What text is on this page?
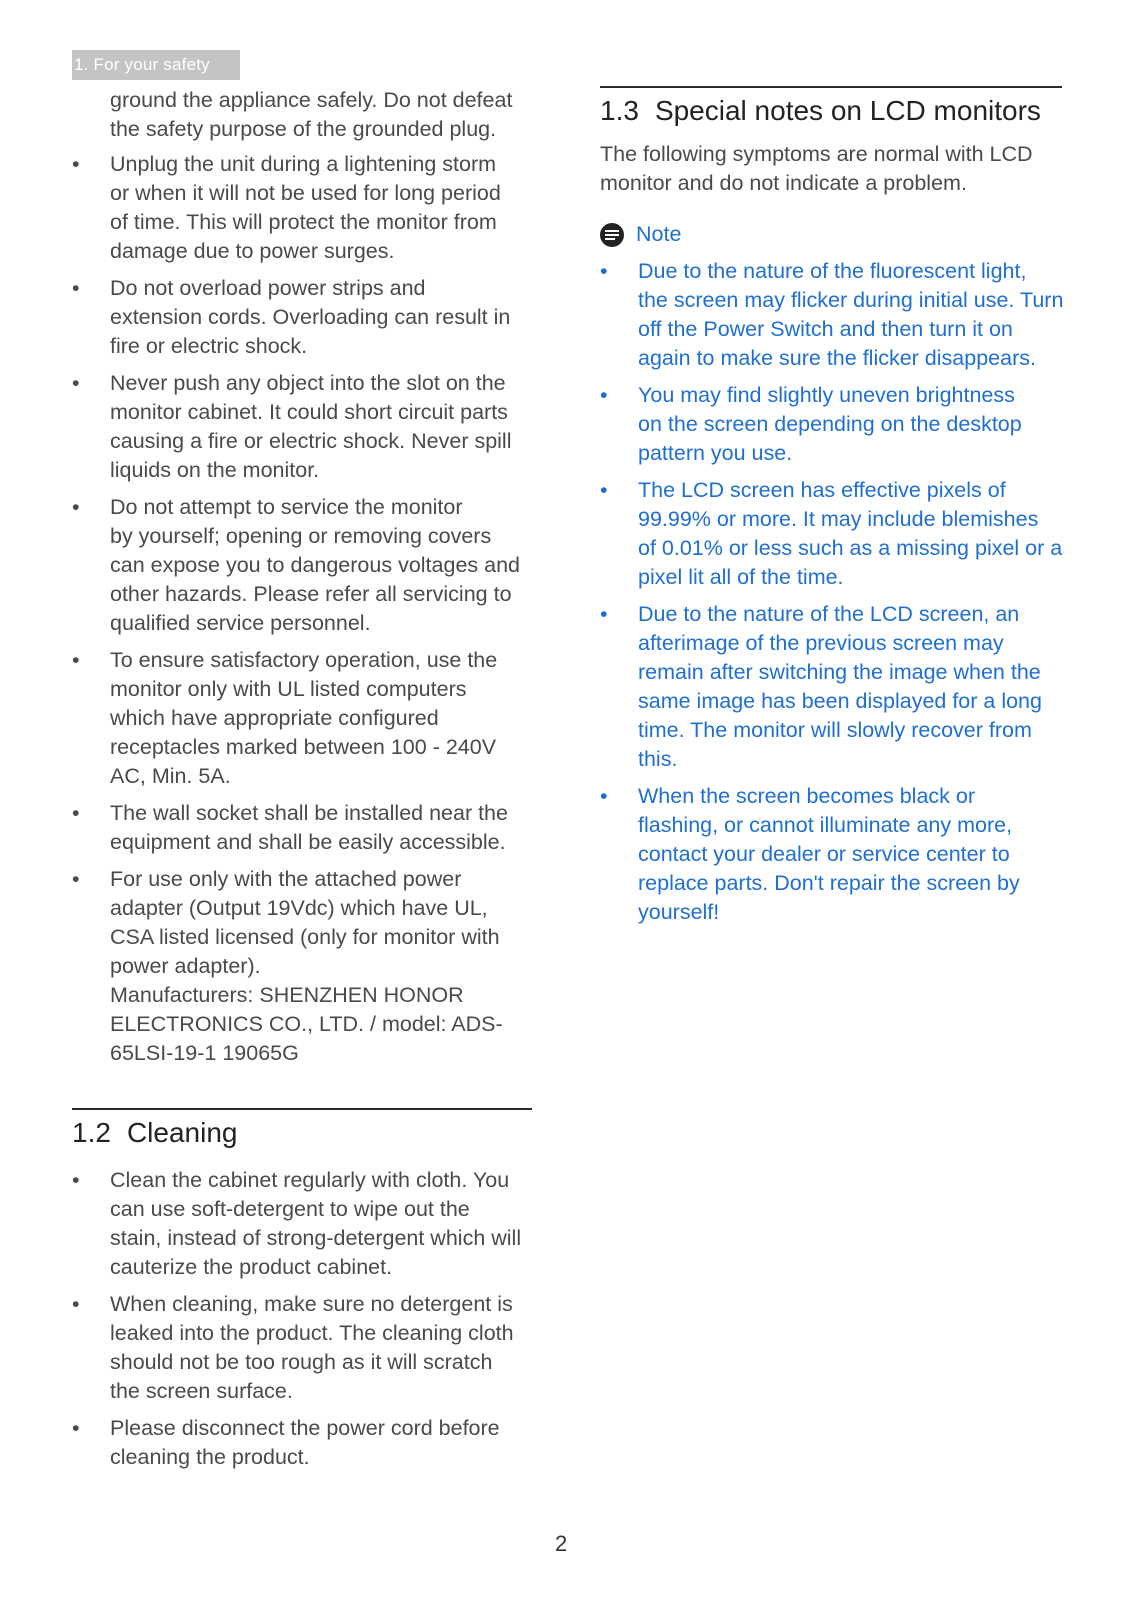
1. For your safety
ground the appliance safely. Do not defeat
the safety purpose of the grounded plug.
•	Unplug the unit during a lightening storm
or when it will not be used for long period
of time. This will protect the monitor from
damage due to power surges.
•	Do not overload power strips and
extension cords. Overloading can result in
fire or electric shock.
•	Never push any object into the slot on the
monitor cabinet. It could short circuit parts
causing a fire or electric shock. Never spill
liquids on the monitor.
•	Do not attempt to service the monitor
by yourself; opening or removing covers
can expose you to dangerous voltages and
other hazards. Please refer all servicing to
qualified service personnel.
•	To ensure satisfactory operation, use the
monitor only with UL listed computers
which have appropriate configured
receptacles marked between 100 - 240V
AC, Min. 5A.
•	The wall socket shall be installed near the
equipment and shall be easily accessible.
•	For use only with the attached power
adapter (Output 19Vdc) which have UL,
CSA listed licensed (only for monitor with
power adapter).
Manufacturers: SHENZHEN HONOR
ELECTRONICS CO., LTD. / model: ADS-
65LSI-19-1 19065G
1.2 Cleaning
•	Clean the cabinet regularly with cloth. You
can use soft-detergent to wipe out the
stain, instead of strong-detergent which will
cauterize the product cabinet.
•	When cleaning, make sure no detergent is
leaked into the product. The cleaning cloth
should not be too rough as it will scratch
the screen surface.
•	Please disconnect the power cord before
cleaning the product.
1.3 Special notes on LCD monitors
The following symptoms are normal with LCD
monitor and do not indicate a problem.
Note
•	Due to the nature of the fluorescent light,
the screen may flicker during initial use. Turn
off the Power Switch and then turn it on
again to make sure the flicker disappears.
•	You may find slightly uneven brightness
on the screen depending on the desktop
pattern you use.
•	The LCD screen has effective pixels of
99.99% or more. It may include blemishes
of 0.01% or less such as a missing pixel or a
pixel lit all of the time.
•	Due to the nature of the LCD screen, an
afterimage of the previous screen may
remain after switching the image when the
same image has been displayed for a long
time. The monitor will slowly recover from
this.
•	When the screen becomes black or
flashing, or cannot illuminate any more,
contact your dealer or service center to
replace parts. Don't repair the screen by
yourself!
2
